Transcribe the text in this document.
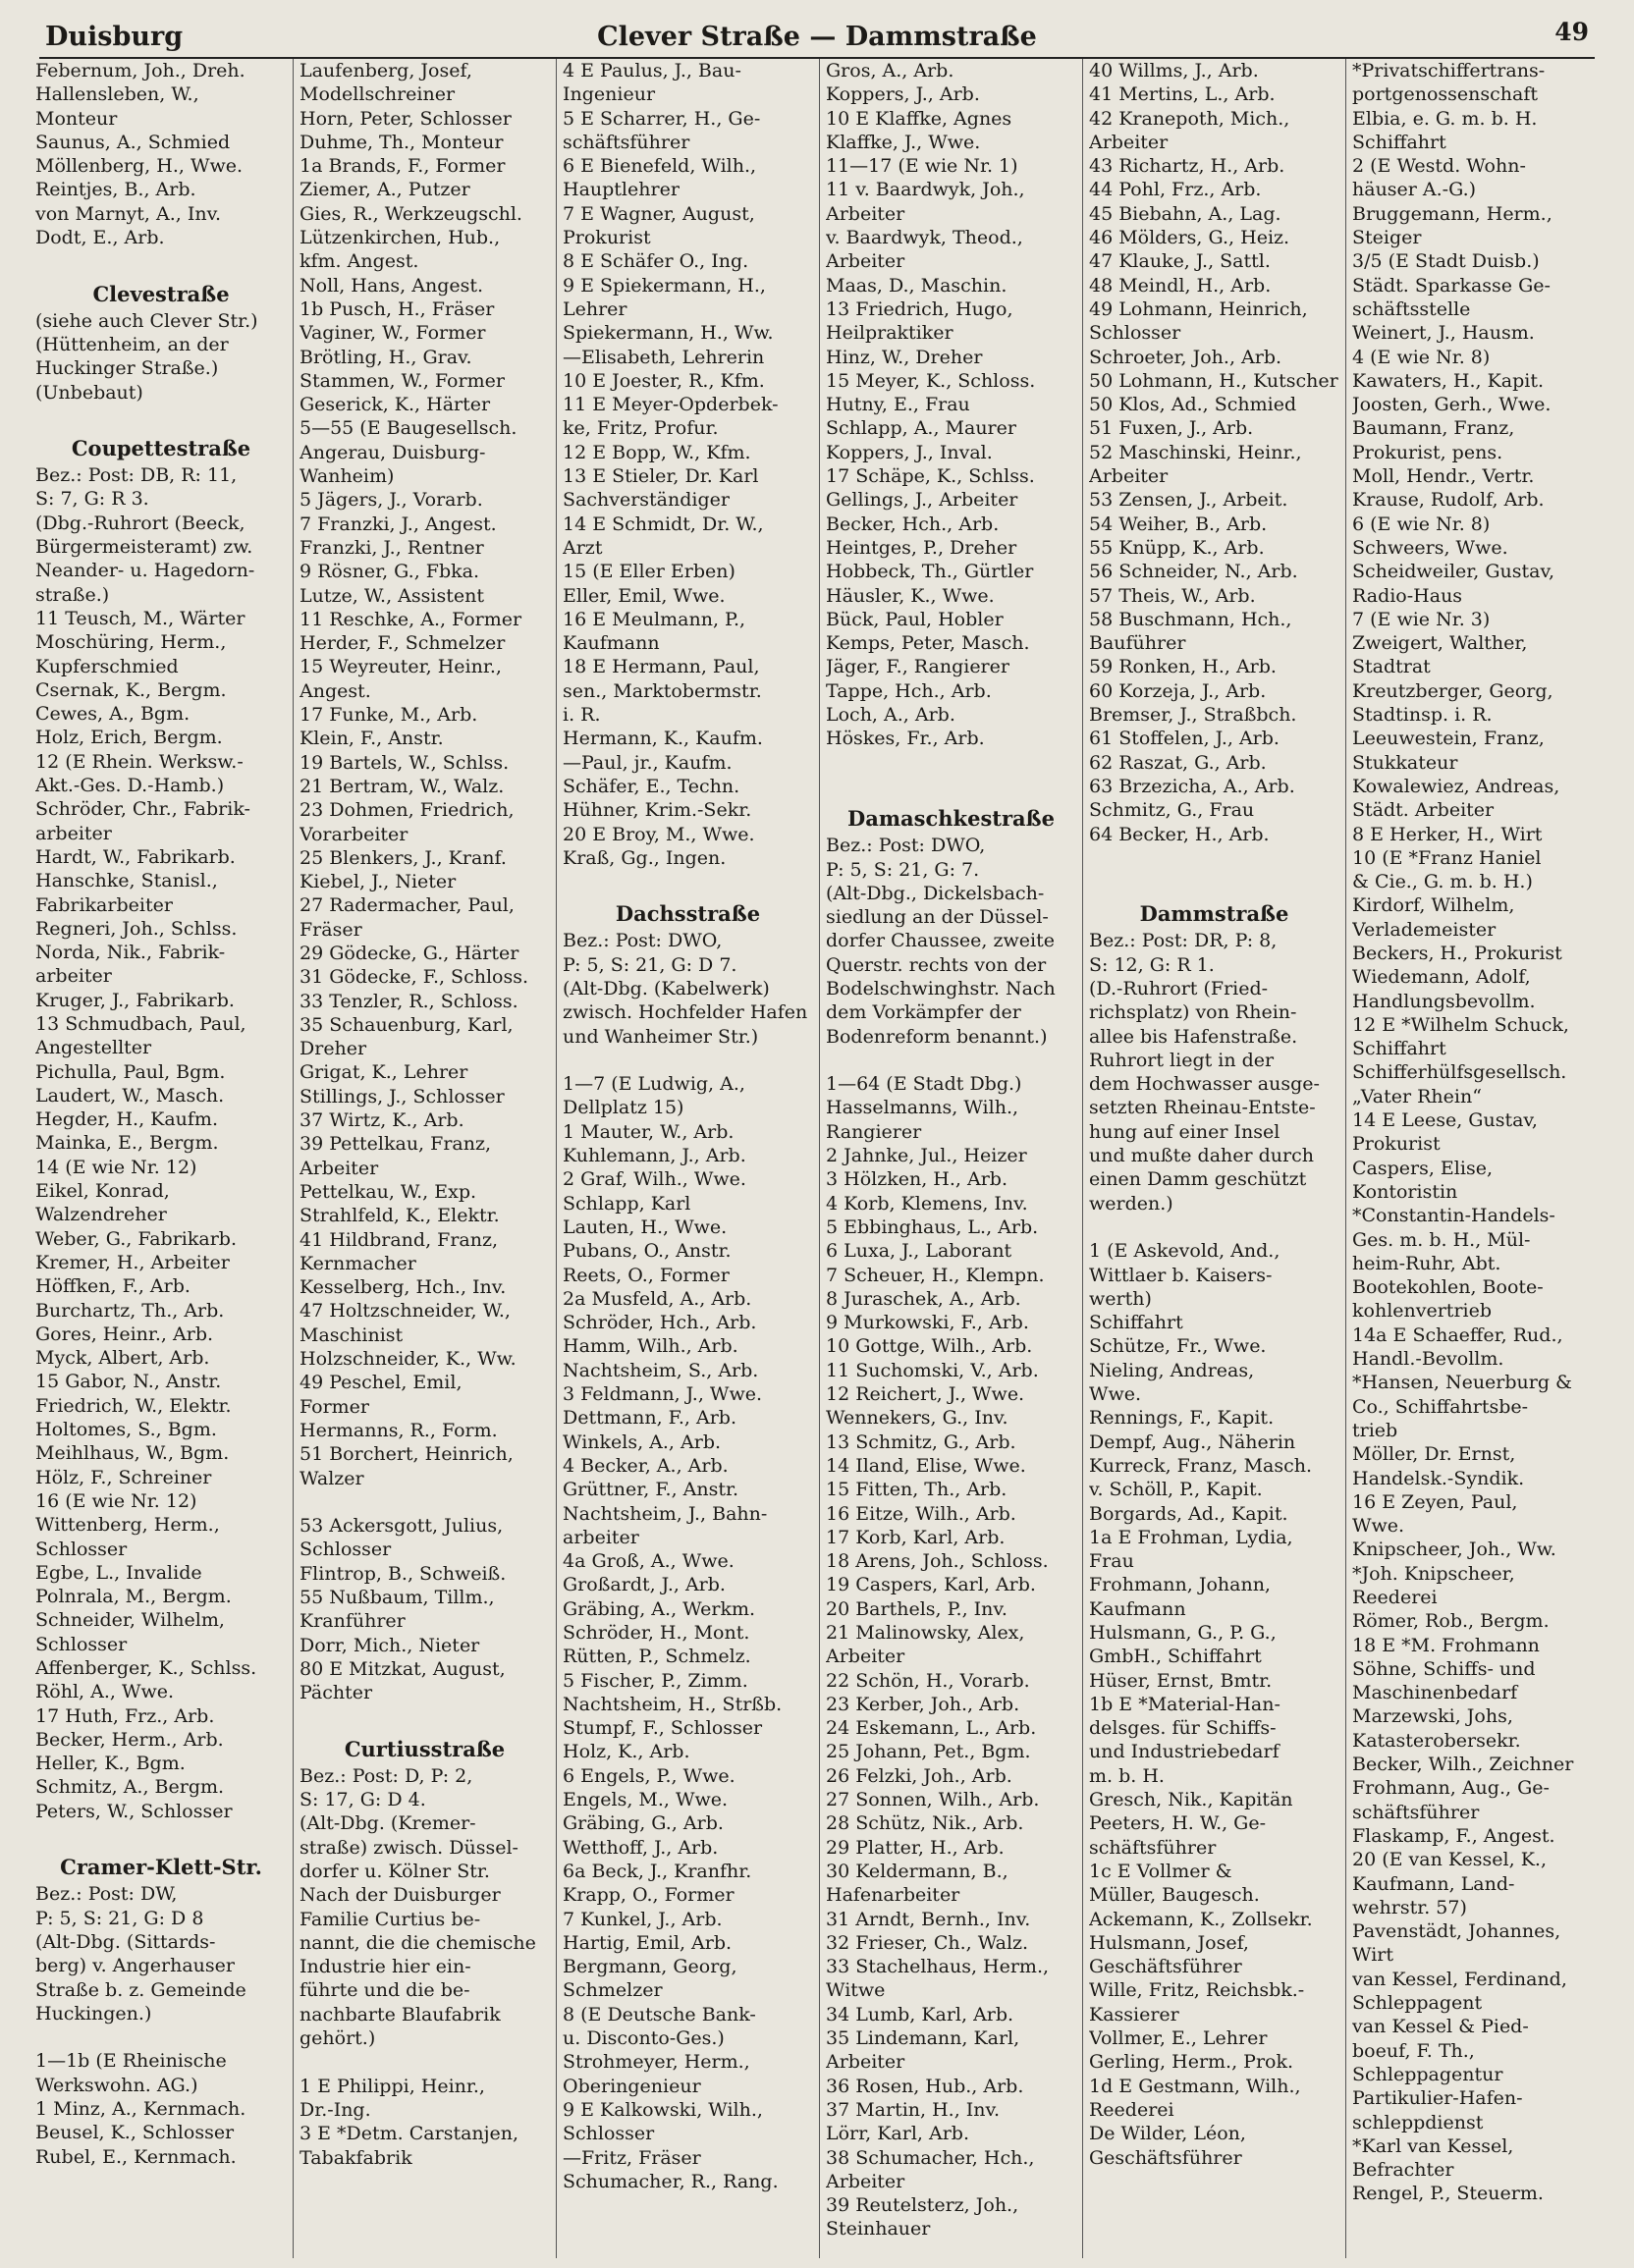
Duisburg	Clever Straße — Dammstraße	49
Febernum, Joh., Dreh.
Hallensleben, W.,
Monteur
Saunus, A., Schmied
Möllenberg, H., Wwe.
Reintjes, B., Arb.
von Marnyt, A., Inv.
Dodt, E., Arb.
Clevestraße
(siehe auch Clever Str.)
(Hüttenheim, an der
Huckinger Straße.)
(Unbebaut)
Coupettestraße
Bez.: Post: DB, R: 11,
S: 7, G: R 3.
(Dbg.-Ruhrort (Beeck,
Bürgermeisteramt) zw.
Neander- u. Hagedorn-
straße.)
11 Teusch, M., Wärter
Moschüring, Herm.,
Kupferschmied
Csernak, K., Bergm.
Cewes, A., Bgm.
Holz, Erich, Bergm.
12 (E Rhein. Werksw.-
Akt.-Ges. D.-Hamb.)
Schröder, Chr., Fabrik-
arbeiter
Hardt, W., Fabrikarb.
Hanschke, Stanisl.,
Fabrikarbeiter
Regneri, Joh., Schlss.
Norda, Nik., Fabrik-
arbeiter
Kruger, J., Fabrikarb.
13 Schmudbach, Paul,
Angestellter
Pichulla, Paul, Bgm.
Laudert, W., Masch.
Hegder, H., Kaufm.
Mainka, E., Bergm.
14 (E wie Nr. 12)
Eikel, Konrad,
Walzendreher
Weber, G., Fabrikarb.
Kremer, H., Arbeiter
Höffken, F., Arb.
Burchartz, Th., Arb.
Gores, Heinr., Arb.
Myck, Albert, Arb.
15 Gabor, N., Anstr.
Friedrich, W., Elektr.
Holtomes, S., Bgm.
Meihlhaus, W., Bgm.
Hölz, F., Schreiner
16 (E wie Nr. 12)
Wittenberg, Herm.,
Schlosser
Egbe, L., Invalide
Polnrala, M., Bergm.
Schneider, Wilhelm,
Schlosser
Affenberger, K., Schlss.
Röhl, A., Wwe.
17 Huth, Frz., Arb.
Becker, Herm., Arb.
Heller, K., Bgm.
Schmitz, A., Bergm.
Peters, W., Schlosser
Cramer-Klett-Str.
Bez.: Post: DW,
P: 5, S: 21, G: D 8
(Alt-Dbg. (Sittards-
berg) v. Angerhauser
Straße b. z. Gemeinde
Huckingen.)
1—1b (E Rheinische
Werkswohn. AG.)
1 Minz, A., Kernmach.
Beusel, K., Schlosser
Rubel, E., Kernmach.
Laufenberg, Josef,
Modellschreiner
Horn, Peter, Schlosser
Duhme, Th., Monteur
1a Brands, F., Former
Ziemer, A., Putzer
Gies, R., Werkzeugschl.
Lützenkirchen, Hub.,
kfm. Angest.
Noll, Hans, Angest.
1b Pusch, H., Fräser
Vaginer, W., Former
Brötling, H., Grav.
Stammen, W., Former
Geserick, K., Härter
5—55 (E Baugesellsch.
Angerau, Duisburg-
Wanheim)
5 Jägers, J., Vorarb.
7 Franzki, J., Angest.
Franzki, J., Rentner
9 Rösner, G., Fbka.
Lutze, W., Assistent
11 Reschke, A., Former
Herder, F., Schmelzer
15 Weyreuter, Heinr.,
Angest.
17 Funke, M., Arb.
Klein, F., Anstr.
19 Bartels, W., Schlss.
21 Bertram, W., Walz.
23 Dohmen, Friedrich,
Vorarbeiter
25 Blenkers, J., Kranf.
Kiebel, J., Nieter
27 Radermacher, Paul,
Fräser
29 Gödecke, G., Härter
31 Gödecke, F., Schloss.
33 Tenzler, R., Schloss.
35 Schauenburg, Karl,
Dreher
Grigat, K., Lehrer
Stillings, J., Schlosser
37 Wirtz, K., Arb.
39 Pettelkau, Franz,
Arbeiter
Pettelkau, W., Exp.
Strahlfeld, K., Elektr.
41 Hildbrand, Franz,
Kernmacher
Kesselberg, Hch., Inv.
47 Holtzschneider, W.,
Maschinist
Holzschneider, K., Ww.
49 Peschel, Emil,
Former
Hermanns, R., Form.
51 Borchert, Heinrich,
Walzer
53 Ackersgott, Julius,
Schlosser
Flintrop, B., Schweiß.
55 Nußbaum, Tillm.,
Kranführer
Dorr, Mich., Nieter
80 E Mitzkat, August,
Pächter
Curtiusstraße
Bez.: Post: D, P: 2,
S: 17, G: D 4.
(Alt-Dbg. (Kremer-
straße) zwisch. Düssel-
dorfer u. Kölner Str.
Nach der Duisburger
Familie Curtius be-
nannt, die die chemische
Industrie hier ein-
führte und die be-
nachbarte Blaufabrik
gehört.)
1 E Philippi, Heinr.,
Dr.-Ing.
3 E *Detm. Carstanjen,
Tabakfabrik
4 E Paulus, J., Bau-
Ingenieur
5 E Scharrer, H., Ge-
schäftsführer
6 E Bienefeld, Wilh.,
Hauptlehrer
7 E Wagner, August,
Prokurist
8 E Schäfer O., Ing.
9 E Spiekermann, H.,
Lehrer
Spiekermann, H., Ww.
—Elisabeth, Lehrerin
10 E Joester, R., Kfm.
11 E Meyer-Opderbek-
ke, Fritz, Profur.
12 E Bopp, W., Kfm.
13 E Stieler, Dr. Karl
Sachverständiger
14 E Schmidt, Dr. W.,
Arzt
15 (E Eller Erben)
Eller, Emil, Wwe.
16 E Meulmann, P.,
Kaufmann
18 E Hermann, Paul,
sen., Marktobermstr.
i. R.
Hermann, K., Kaufm.
—Paul, jr., Kaufm.
Schäfer, E., Techn.
Hühner, Krim.-Sekr.
20 E Broy, M., Wwe.
Kraß, Gg., Ingen.
Dachsstraße
Bez.: Post: DWO,
P: 5, S: 21, G: D 7.
(Alt-Dbg. (Kabelwerk)
zwisch. Hochfelder Hafen
und Wanheimer Str.)
1—7 (E Ludwig, A.,
Dellplatz 15)
1 Mauter, W., Arb.
Kuhlemann, J., Arb.
2 Graf, Wilh., Wwe.
Schlapp, Karl
Lauten, H., Wwe.
Pubans, O., Anstr.
Reets, O., Former
2a Musfeld, A., Arb.
Schröder, Hch., Arb.
Hamm, Wilh., Arb.
Nachtsheim, S., Arb.
3 Feldmann, J., Wwe.
Dettmann, F., Arb.
Winkels, A., Arb.
4 Becker, A., Arb.
Grüttner, F., Anstr.
Nachtsheim, J., Bahn-
arbeiter
4a Groß, A., Wwe.
Großardt, J., Arb.
Gräbing, A., Werkm.
Schröder, H., Mont.
Rütten, P., Schmelz.
5 Fischer, P., Zimm.
Nachtsheim, H., Strßb.
Stumpf, F., Schlosser
Holz, K., Arb.
6 Engels, P., Wwe.
Engels, M., Wwe.
Gräbing, G., Arb.
Wetthoff, J., Arb.
6a Beck, J., Kranfhr.
Krapp, O., Former
7 Kunkel, J., Arb.
Hartig, Emil, Arb.
Bergmann, Georg,
Schmelzer
8 (E Deutsche Bank-
u. Disconto-Ges.)
Strohmeyer, Herm.,
Oberingenieur
9 E Kalkowski, Wilh.,
Schlosser
—Fritz, Fräser
Schumacher, R., Rang.
Gros, A., Arb.
Koppers, J., Arb.
10 E Klaffke, Agnes
Klaffke, J., Wwe.
11—17 (E wie Nr. 1)
11 v. Baardwyk, Joh.,
Arbeiter
v. Baardwyk, Theod.,
Arbeiter
Maas, D., Maschin.
13 Friedrich, Hugo,
Heilpraktiker
Hinz, W., Dreher
15 Meyer, K., Schloss.
Hutny, E., Frau
Schlapp, A., Maurer
Koppers, J., Inval.
17 Schäpe, K., Schlss.
Gellings, J., Arbeiter
Becker, Hch., Arb.
Heintges, P., Dreher
Hobbeck, Th., Gürtler
Häusler, K., Wwe.
Bück, Paul, Hobler
Kemps, Peter, Masch.
Jäger, F., Rangierer
Tappe, Hch., Arb.
Loch, A., Arb.
Höskes, Fr., Arb.
Damaschkestraße
Bez.: Post: DWO,
P: 5, S: 21, G: 7.
(Alt-Dbg., Dickelsbach-
siedlung an der Düssel-
dorfer Chaussee, zweite
Querstr. rechts von der
Bodelschwinghstr. Nach
dem Vorkämpfer der
Bodenreform benannt.)
1—64 (E Stadt Dbg.)
Hasselmanns, Wilh.,
Rangierer
2 Jahnke, Jul., Heizer
3 Hölzken, H., Arb.
4 Korb, Klemens, Inv.
5 Ebbinghaus, L., Arb.
6 Luxa, J., Laborant
7 Scheuer, H., Klempn.
8 Juraschek, A., Arb.
9 Murkowski, F., Arb.
10 Gottge, Wilh., Arb.
11 Suchomski, V., Arb.
12 Reichert, J., Wwe.
Wennekers, G., Inv.
13 Schmitz, G., Arb.
14 Iland, Elise, Wwe.
15 Fitten, Th., Arb.
16 Eitze, Wilh., Arb.
17 Korb, Karl, Arb.
18 Arens, Joh., Schloss.
19 Caspers, Karl, Arb.
20 Barthels, P., Inv.
21 Malinowsky, Alex,
Arbeiter
22 Schön, H., Vorarb.
23 Kerber, Joh., Arb.
24 Eskemann, L., Arb.
25 Johann, Pet., Bgm.
26 Felzki, Joh., Arb.
27 Sonnen, Wilh., Arb.
28 Schütz, Nik., Arb.
29 Platter, H., Arb.
30 Keldermann, B.,
Hafenarbeiter
31 Arndt, Bernh., Inv.
32 Frieser, Ch., Walz.
33 Stachelhaus, Herm.,
Witwe
34 Lumb, Karl, Arb.
35 Lindemann, Karl,
Arbeiter
36 Rosen, Hub., Arb.
37 Martin, H., Inv.
Lörr, Karl, Arb.
38 Schumacher, Hch.,
Arbeiter
39 Reutelsterz, Joh.,
Steinhauer
40 Willms, J., Arb.
41 Mertins, L., Arb.
42 Kranepoth, Mich.,
Arbeiter
43 Richartz, H., Arb.
44 Pohl, Frz., Arb.
45 Biebahn, A., Lag.
46 Mölders, G., Heiz.
47 Klauke, J., Sattl.
48 Meindl, H., Arb.
49 Lohmann, Heinrich,
Schlosser
Schroeter, Joh., Arb.
50 Lohmann, H., Kutscher
50 Klos, Ad., Schmied
51 Fuxen, J., Arb.
52 Maschinski, Heinr.,
Arbeiter
53 Zensen, J., Arbeit.
54 Weiher, B., Arb.
55 Knüpp, K., Arb.
56 Schneider, N., Arb.
57 Theis, W., Arb.
58 Buschmann, Hch.,
Bauführer
59 Ronken, H., Arb.
60 Korzeja, J., Arb.
Bremser, J., Straßbch.
61 Stoffelen, J., Arb.
62 Raszat, G., Arb.
63 Brzezicha, A., Arb.
Schmitz, G., Frau
64 Becker, H., Arb.
Dammstraße
Bez.: Post: DR, P: 8,
S: 12, G: R 1.
(D.-Ruhrort (Fried-
richsplatz) von Rhein-
allee bis Hafenstraße.
Ruhrort liegt in der
dem Hochwasser ausge-
setzten Rheinau-Entste-
hung auf einer Insel
und mußte daher durch
einen Damm geschützt
werden.)
1 (E Askevold, And.,
Wittlaer b. Kaisers-
werth)
Schiffahrt
Schütze, Fr., Wwe.
Nieling, Andreas,
Wwe.
Rennings, F., Kapit.
Dempf, Aug., Näherin
Kurreck, Franz, Masch.
v. Schöll, P., Kapit.
Borgards, Ad., Kapit.
1a E Frohman, Lydia,
Frau
Frohmann, Johann,
Kaufmann
Hulsmann, G., P. G.,
GmbH., Schiffahrt
Hüser, Ernst, Bmtr.
1b E *Material-Han-
delsges. für Schiffs-
und Industriebedarf
m. b. H.
Gresch, Nik., Kapitän
Peeters, H. W., Ge-
schäftsführer
1c E Vollmer &
Müller, Baugesch.
Ackemann, K., Zollsekr.
Hulsmann, Josef,
Geschäftsführer
Wille, Fritz, Reichsbk.-
Kassierer
Vollmer, E., Lehrer
Gerling, Herm., Prok.
1d E Gestmann, Wilh.,
Reederei
De Wilder, Léon,
Geschäftsführer
*Privatschiffertrans-
portgenossenschaft
Elbia, e. G. m. b. H.
Schiffahrt
2 (E Westd. Wohn-
häuser A.-G.)
Bruggemann, Herm.,
Steiger
3/5 (E Stadt Duisb.)
Städt. Sparkasse Ge-
schäftsstelle
Weinert, J., Hausm.
4 (E wie Nr. 8)
Kawaters, H., Kapit.
Joosten, Gerh., Wwe.
Baumann, Franz,
Prokurist, pens.
Moll, Hendr., Vertr.
Krause, Rudolf, Arb.
6 (E wie Nr. 8)
Schweers, Wwe.
Scheidweiler, Gustav,
Radio-Haus
7 (E wie Nr. 3)
Zweigert, Walther,
Stadtrat
Kreutzberger, Georg,
Stadtinsp. i. R.
Leeuwestein, Franz,
Stukkateur
Kowalewiez, Andreas,
Städt. Arbeiter
8 E Herker, H., Wirt
10 (E *Franz Haniel
& Cie., G. m. b. H.)
Kirdorf, Wilhelm,
Verlademeister
Beckers, H., Prokurist
Wiedemann, Adolf,
Handlungsbevollm.
12 E *Wilhelm Schuck,
Schiffahrt
Schifferhülfsgesellsch.
„Vater Rhein“
14 E Leese, Gustav,
Prokurist
Caspers, Elise,
Kontoristin
*Constantin-Handels-
Ges. m. b. H., Mül-
heim-Ruhr, Abt.
Bootekohlen, Boote-
kohlenvertrieb
14a E Schaeffer, Rud.,
Handl.-Bevollm.
*Hansen, Neuerburg &
Co., Schiffahrtsbe-
trieb
Möller, Dr. Ernst,
Handelsk.-Syndik.
16 E Zeyen, Paul,
Wwe.
Knipscheer, Joh., Ww.
*Joh. Knipscheer,
Reederei
Römer, Rob., Bergm.
18 E *M. Frohmann
Söhne, Schiffs- und
Maschinenbedarf
Marzewski, Johs,
Katasterobersekr.
Becker, Wilh., Zeichner
Frohmann, Aug., Ge-
schäftsführer
Flaskamp, F., Angest.
20 (E van Kessel, K.,
Kaufmann, Land-
wehrstr. 57)
Pavenstädt, Johannes,
Wirt
van Kessel, Ferdinand,
Schleppagent
van Kessel & Pied-
boeuf, F. Th.,
Schleppagentur
Partikulier-Hafen-
schleppdienst
*Karl van Kessel,
Befrachter
Rengel, P., Steuerm.
